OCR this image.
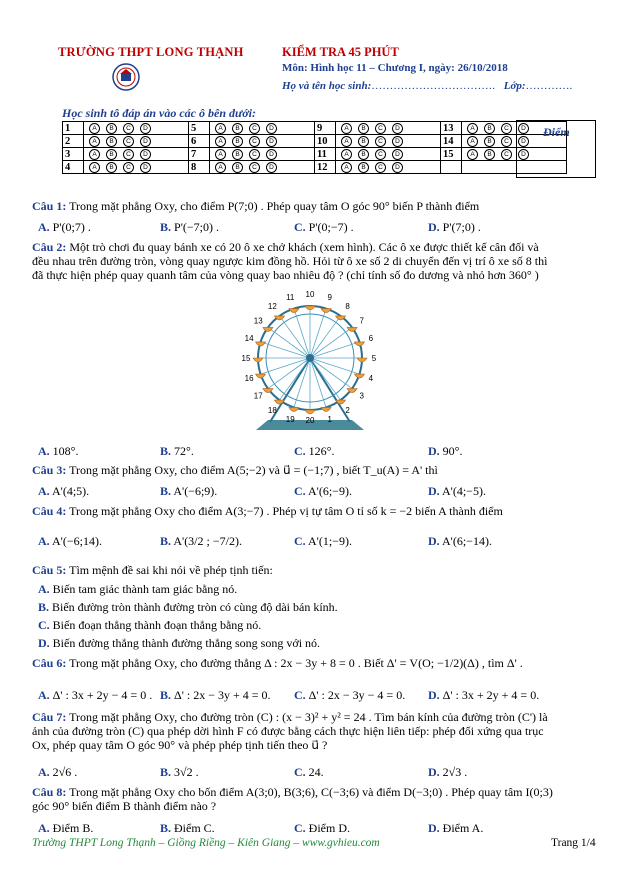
TRƯỜNG THPT LONG THẠNH	KIỂM TRA 45 PHÚT
Môn: Hình học 11 – Chương I, ngày: 26/10/2018
Họ và tên học sinh:……………………………. Lớp:………….
Học sinh tô đáp án vào các ô bên dưới:
1	A B C D	5	A B C D	9	A B C D	13	A B C D
2	A B C D	6	A B C D	10	A B C D	14	A B C D
3	A B C D	7	A B C D	11	A B C D	15	A B C D
4	A B C D	8	A B C D	12	A B C D		
Điểm
Câu 1: Trong mặt phẳng Oxy, cho điểm P(7;0) . Phép quay tâm O góc 90° biến P thành điểm
A. P'(0;7) .	B. P'(−7;0) .	C. P'(0;−7) .	D. P'(7;0) .
Câu 2: Một trò chơi đu quay bánh xe có 20 ô xe chở khách (xem hình). Các ô xe được thiết kế cân đối và
đều nhau trên đường tròn, vòng quay ngược kim đồng hồ. Hỏi từ ô xe số 2 di chuyển đến vị trí ô xe số 8 thì
đã thực hiện phép quay quanh tâm của vòng quay bao nhiêu độ ? (chỉ tính số đo dương và nhỏ hơn 360° )
1
2
3
4
5
6
7
8
9
10
11
12
13
14
15
16
17
18
19 20
A. 108°.	B. 72°.	C. 126°.	D. 90°.
Câu 3: Trong mặt phẳng Oxy, cho điểm A(5;−2) và u⃗ = (−1;7) , biết T_u(A) = A' thì
A. A'(4;5).	B. A'(−6;9).	C. A'(6;−9).	D. A'(4;−5).
Câu 4: Trong mặt phẳng Oxy cho điểm A(3;−7) . Phép vị tự tâm O tỉ số k = −2 biến A thành điểm
A. A'(−6;14).	B. A'(3/2 ; −7/2).	C. A'(1;−9).	D. A'(6;−14).
Câu 5: Tìm mệnh đề sai khi nói về phép tịnh tiến:
A. Biến tam giác thành tam giác bằng nó.
B. Biến đường tròn thành đường tròn có cùng độ dài bán kính.
C. Biến đoạn thẳng thành đoạn thẳng bằng nó.
D. Biến đường thẳng thành đường thẳng song song với nó.
Câu 6: Trong mặt phẳng Oxy, cho đường thẳng Δ : 2x − 3y + 8 = 0 . Biết Δ' = V(O; −1/2)(Δ) , tìm Δ' .
A. Δ' : 3x + 2y − 4 = 0 . B. Δ' : 2x − 3y + 4 = 0. C. Δ' : 2x − 3y − 4 = 0. D. Δ' : 3x + 2y + 4 = 0.
Câu 7: Trong mặt phẳng Oxy, cho đường tròn (C) : (x − 3)² + y² = 24 . Tìm bán kính của đường tròn (C') là
ảnh của đường tròn (C) qua phép dời hình F có được bằng cách thực hiện liên tiếp: phép đối xứng qua trục
Ox, phép quay tâm O góc 90° và phép phép tịnh tiến theo u⃗ ?
A. 2√6 .	B. 3√2 .	C. 24.	D. 2√3 .
Câu 8: Trong mặt phẳng Oxy cho bốn điểm A(3;0), B(3;6), C(−3;6) và điểm D(−3;0) . Phép quay tâm I(0;3)
góc 90° biến điểm B thành điểm nào ?
A. Điểm B.	B. Điểm C.	C. Điểm D.	D. Điểm A.
Trường THPT Long Thạnh – Giồng Riềng – Kiên Giang – www.gvhieu.com	Trang 1/4
